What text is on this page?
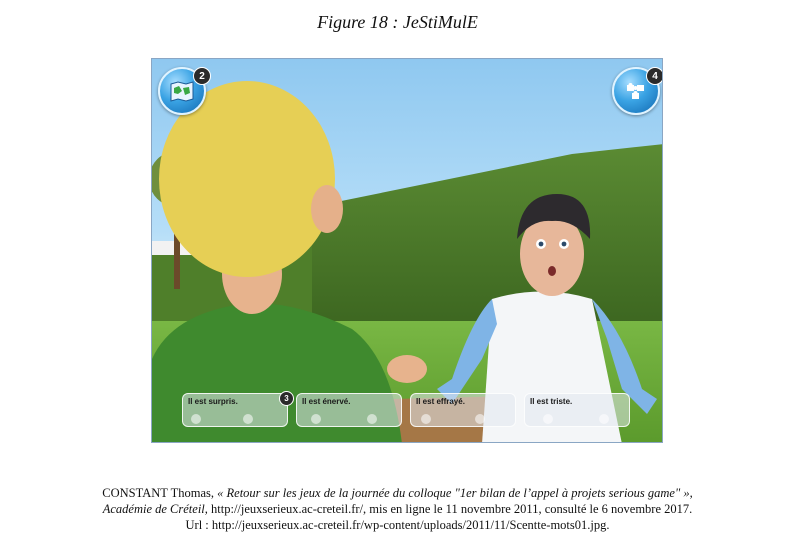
Figure 18 : JeStiMulE
2	4
Il est surpris.	3	Il est énervé.	Il est effrayé.	Il est triste.
CONSTANT Thomas, « Retour sur les jeux de la journée du colloque "1er bilan de l’appel à projets serious game" »,
Académie de Créteil, http://jeuxserieux.ac-creteil.fr/, mis en ligne le 11 novembre 2011, consulté le 6 novembre 2017.
Url : http://jeuxserieux.ac-creteil.fr/wp-content/uploads/2011/11/Scentte-mots01.jpg.
